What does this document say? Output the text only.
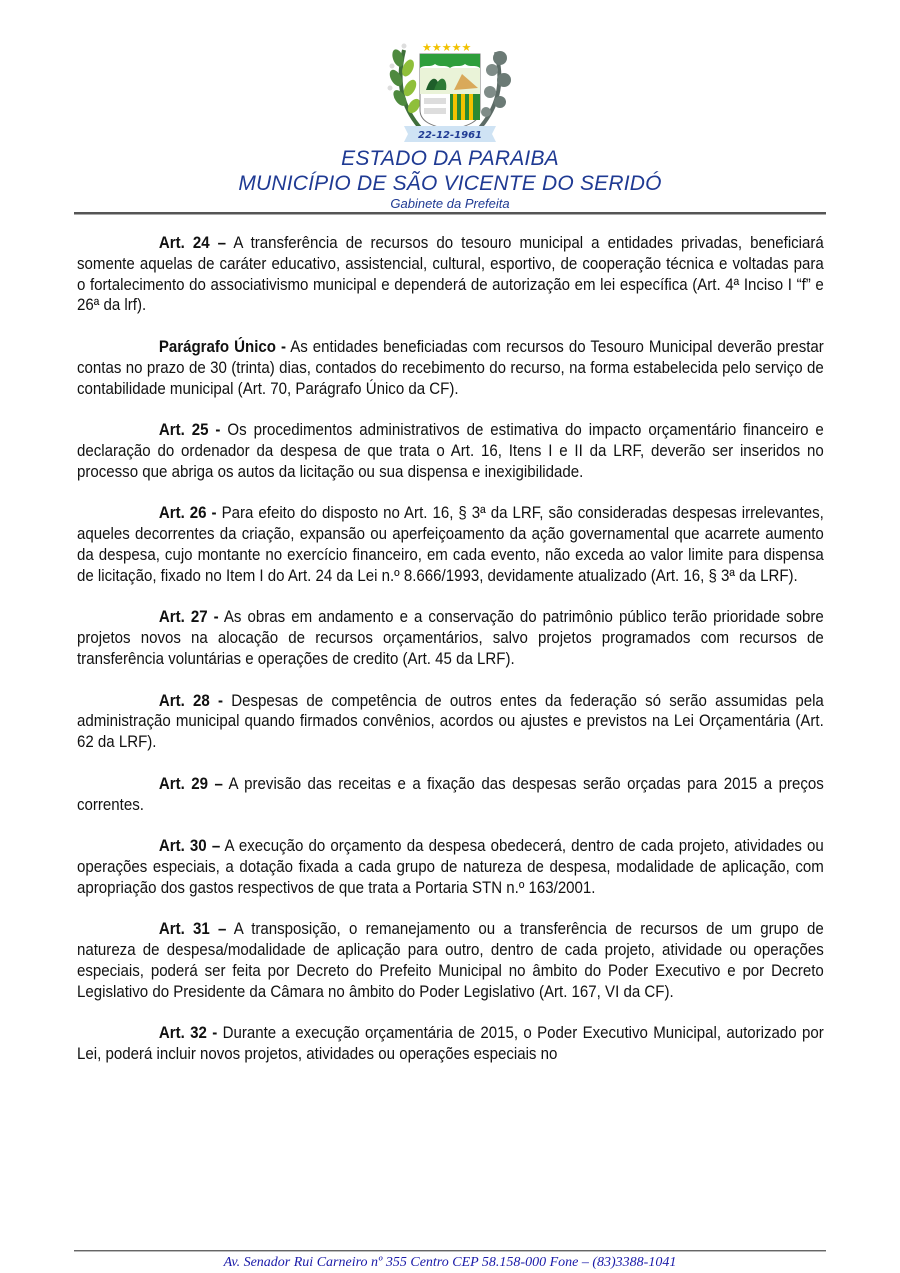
★★★★★
22-12-1961
ESTADO DA PARAIBA
MUNICÍPIO DE SÃO VICENTE DO SERIDÓ
Gabinete da Prefeita

Art. 24 – A transferência de recursos do tesouro municipal a entidades privadas, beneficiará somente aquelas de caráter educativo, assistencial, cultural, esportivo, de cooperação técnica e voltadas para o fortalecimento do associativismo municipal e dependerá de autorização em lei específica (Art. 4ª Inciso I “f” e 26ª da lrf).

Parágrafo Único - As entidades beneficiadas com recursos do Tesouro Municipal deverão prestar contas no prazo de 30 (trinta) dias, contados do recebimento do recurso, na forma estabelecida pelo serviço de contabilidade municipal (Art. 70, Parágrafo Único da CF).

Art. 25 - Os procedimentos administrativos de estimativa do impacto orçamentário financeiro e declaração do ordenador da despesa de que trata o Art. 16, Itens I e II da LRF, deverão ser inseridos no processo que abriga os autos da licitação ou sua dispensa e inexigibilidade.

Art. 26 - Para efeito do disposto no Art. 16, § 3ª da LRF, são consideradas despesas irrelevantes, aqueles decorrentes da criação, expansão ou aperfeiçoamento da ação governamental que acarrete aumento da despesa, cujo montante no exercício financeiro, em cada evento, não exceda ao valor limite para dispensa de licitação, fixado no Item I do Art. 24 da Lei n.º 8.666/1993, devidamente atualizado (Art. 16, § 3ª da LRF).

Art. 27 - As obras em andamento e a conservação do patrimônio público terão prioridade sobre projetos novos na alocação de recursos orçamentários, salvo projetos programados com recursos de transferência voluntárias e operações de credito (Art. 45 da LRF).

Art. 28 - Despesas de competência de outros entes da federação só serão assumidas pela administração municipal quando firmados convênios, acordos ou ajustes e previstos na Lei Orçamentária (Art. 62 da LRF).

Art. 29 – A previsão das receitas e a fixação das despesas serão orçadas para 2015 a preços correntes.

Art. 30 – A execução do orçamento da despesa obedecerá, dentro de cada projeto, atividades ou operações especiais, a dotação fixada a cada grupo de natureza de despesa, modalidade de aplicação, com apropriação dos gastos respectivos de que trata a Portaria STN n.º 163/2001.

Art. 31 – A transposição, o remanejamento ou a transferência de recursos de um grupo de natureza de despesa/modalidade de aplicação para outro, dentro de cada projeto, atividade ou operações especiais, poderá ser feita por Decreto do Prefeito Municipal no âmbito do Poder Executivo e por Decreto Legislativo do Presidente da Câmara no âmbito do Poder Legislativo (Art. 167, VI da CF).

Art. 32 - Durante a execução orçamentária de 2015, o Poder Executivo Municipal, autorizado por Lei, poderá incluir novos projetos, atividades ou operações especiais no

Av. Senador Rui Carneiro nº 355 Centro CEP 58.158-000 Fone – (83)3388-1041
